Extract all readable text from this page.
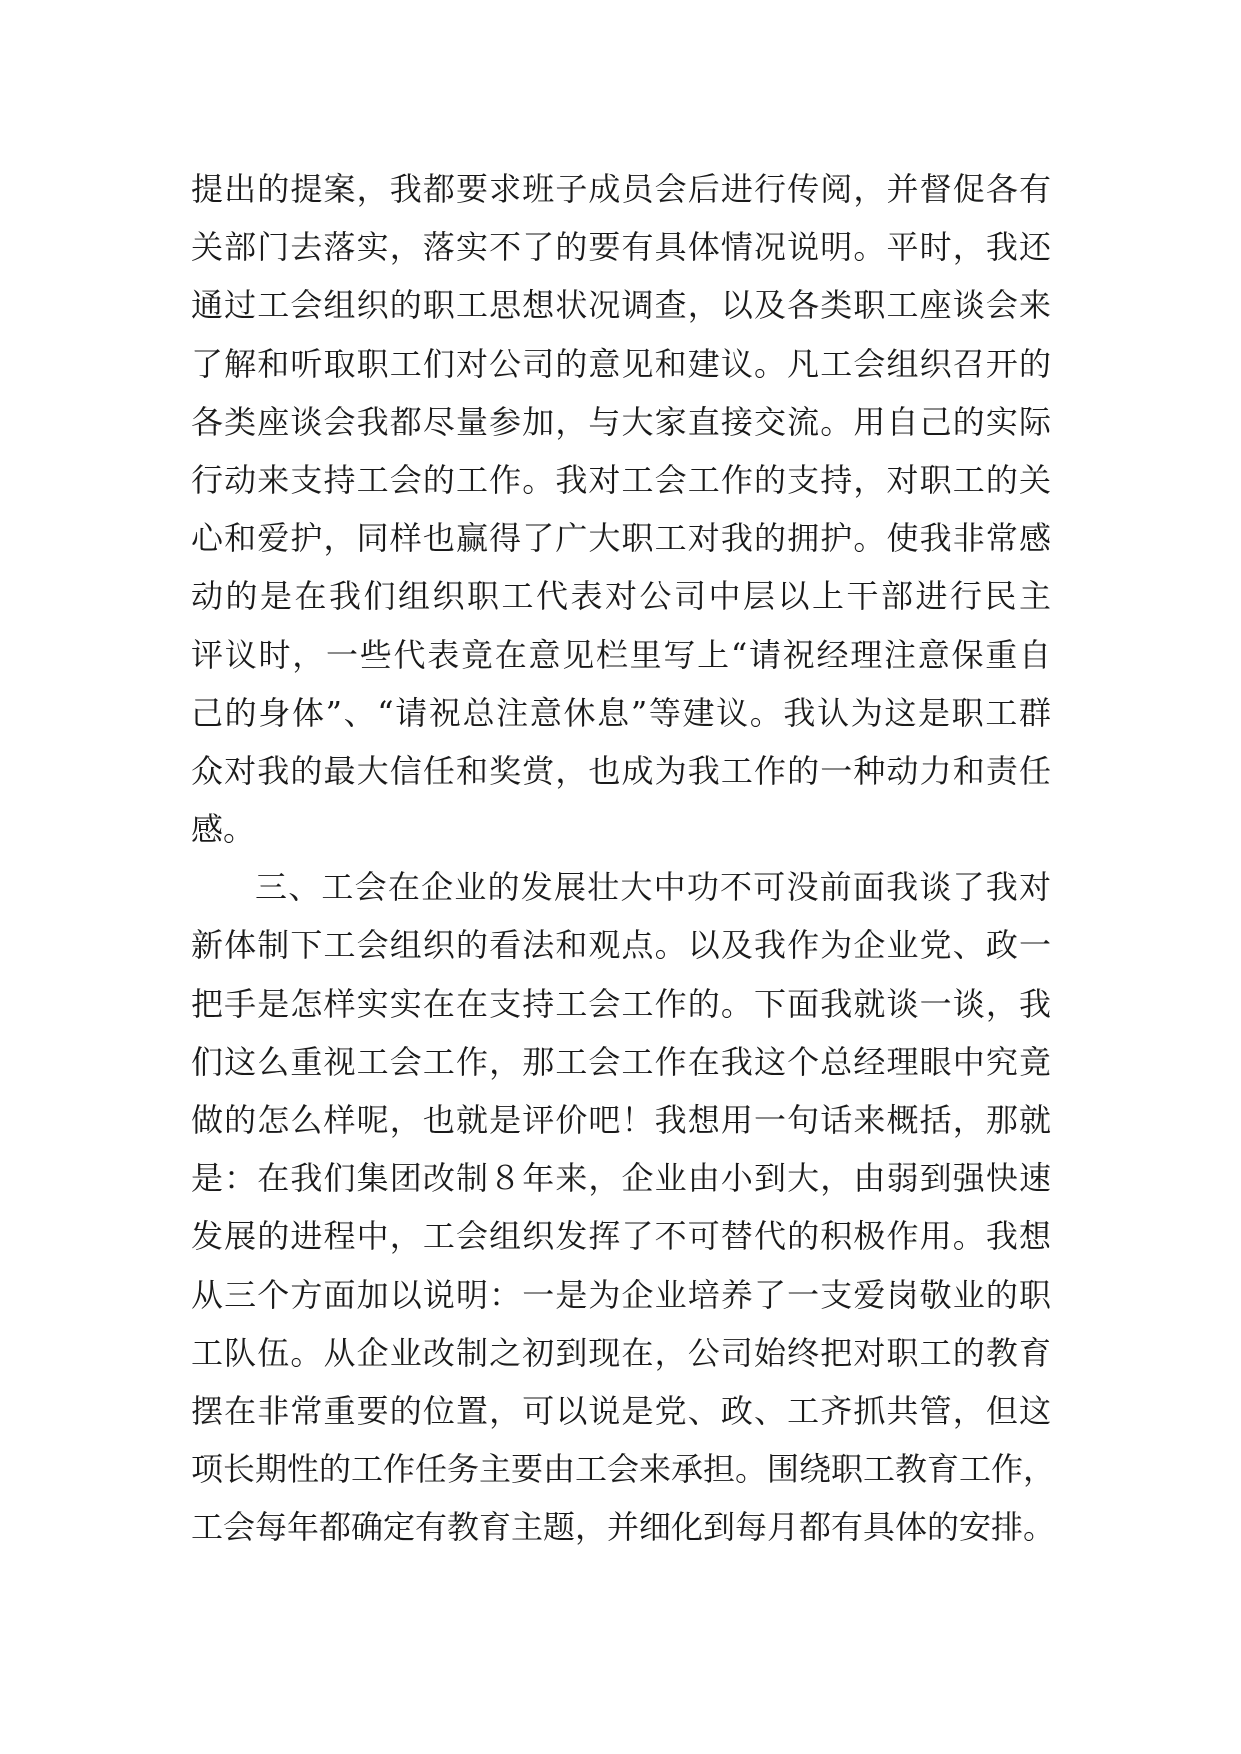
提出的提案，我都要求班子成员会后进行传阅，并督促各有
关部门去落实，落实不了的要有具体情况说明。平时，我还
通过工会组织的职工思想状况调查，以及各类职工座谈会来
了解和听取职工们对公司的意见和建议。凡工会组织召开的
各类座谈会我都尽量参加，与大家直接交流。用自己的实际
行动来支持工会的工作。我对工会工作的支持，对职工的关
心和爱护，同样也赢得了广大职工对我的拥护。使我非常感
动的是在我们组织职工代表对公司中层以上干部进行民主
评议时，一些代表竟在意见栏里写上“请祝经理注意保重自
己的身体”、“请祝总注意休息”等建议。我认为这是职工群
众对我的最大信任和奖赏，也成为我工作的一种动力和责任
感。
三、工会在企业的发展壮大中功不可没前面我谈了我对
新体制下工会组织的看法和观点。以及我作为企业党、政一
把手是怎样实实在在支持工会工作的。下面我就谈一谈，我
们这么重视工会工作，那工会工作在我这个总经理眼中究竟
做的怎么样呢，也就是评价吧！我想用一句话来概括，那就
是：在我们集团改制８年来，企业由小到大，由弱到强快速
发展的进程中，工会组织发挥了不可替代的积极作用。我想
从三个方面加以说明：一是为企业培养了一支爱岗敬业的职
工队伍。从企业改制之初到现在，公司始终把对职工的教育
摆在非常重要的位置，可以说是党、政、工齐抓共管，但这
项长期性的工作任务主要由工会来承担。围绕职工教育工作，
工会每年都确定有教育主题，并细化到每月都有具体的安排。
